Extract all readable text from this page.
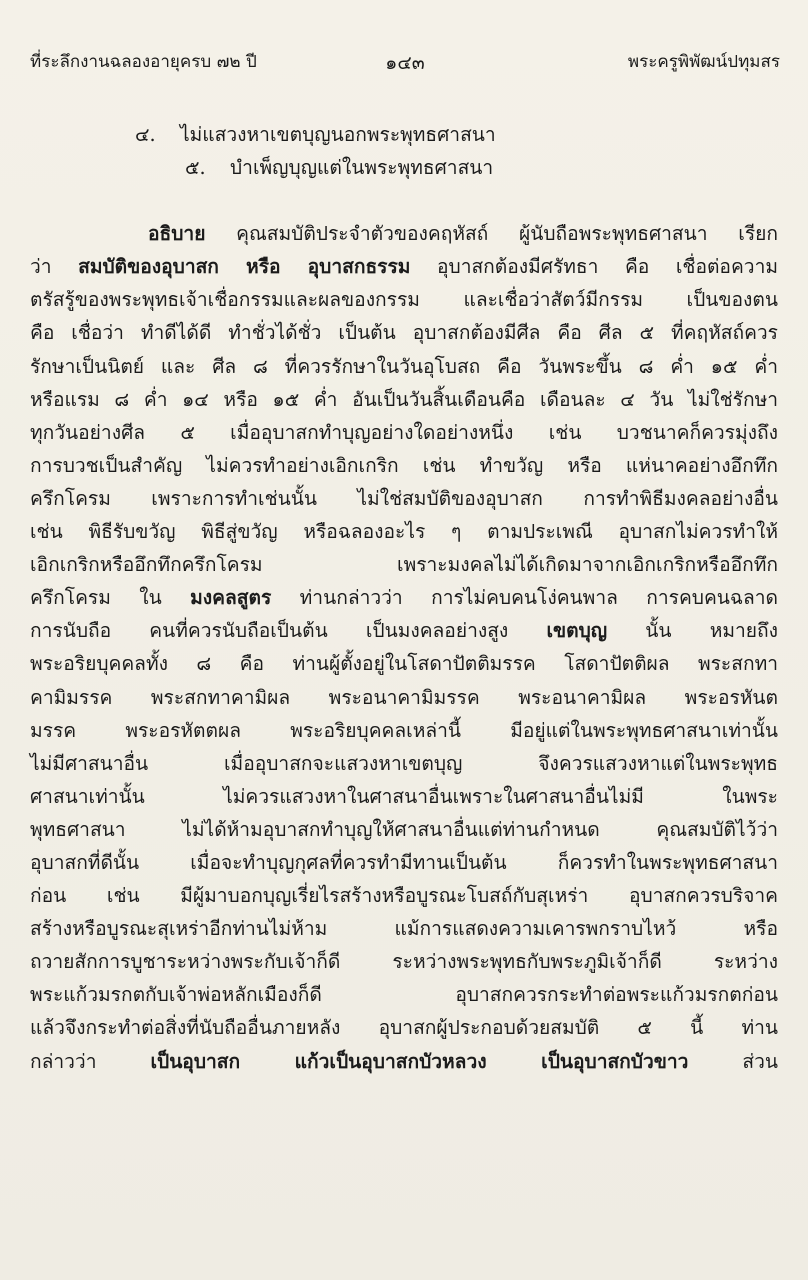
ที่ระลึกงานฉลองอายุครบ ๗๒ ปี	๑๔๓	พระครูพิพัฒน์ปทุมสร
๔. ไม่แสวงหาเขตบุญนอกพระพุทธศาสนา
๕. บำเพ็ญบุญแต่ในพระพุทธศาสนา
อธิบาย คุณสมบัติประจำตัวของคฤหัสถ์ ผู้นับถือพระพุทธศาสนา เรียก
ว่า สมบัติของอุบาสก หรือ อุบาสกธรรม อุบาสกต้องมีศรัทธา คือ เชื่อต่อความ
ตรัสรู้ของพระพุทธเจ้าเชื่อกรรมและผลของกรรม และเชื่อว่าสัตว์มีกรรม เป็นของตน
คือ เชื่อว่า ทำดีได้ดี ทำชั่วได้ชั่ว เป็นต้น อุบาสกต้องมีศีล คือ ศีล ๕ ที่คฤหัสถ์ควร
รักษาเป็นนิตย์ และ ศีล ๘ ที่ควรรักษาในวันอุโบสถ คือ วันพระขึ้น ๘ ค่ำ ๑๕ ค่ำ
หรือแรม ๘ ค่ำ ๑๔ หรือ ๑๕ ค่ำ อันเป็นวันสิ้นเดือนคือ เดือนละ ๔ วัน ไม่ใช่รักษา
ทุกวันอย่างศีล ๕ เมื่ออุบาสกทำบุญอย่างใดอย่างหนึ่ง เช่น บวชนาคก็ควรมุ่งถึง
การบวชเป็นสำคัญ ไม่ควรทำอย่างเอิกเกริก เช่น ทำขวัญ หรือ แห่นาคอย่างอึกทึก
ครึกโครม เพราะการทำเช่นนั้น ไม่ใช่สมบัติของอุบาสก การทำพิธีมงคลอย่างอื่น
เช่น พิธีรับขวัญ พิธีสู่ขวัญ หรือฉลองอะไร ๆ ตามประเพณี อุบาสกไม่ควรทำให้
เอิกเกริกหรืออึกทึกครึกโครม เพราะมงคลไม่ได้เกิดมาจากเอิกเกริกหรืออึกทึก
ครึกโครม ใน มงคลสูตร ท่านกล่าวว่า การไม่คบคนโง่คนพาล การคบคนฉลาด
การนับถือ คนที่ควรนับถือเป็นต้น เป็นมงคลอย่างสูง เขตบุญ นั้น หมายถึง
พระอริยบุคคลทั้ง ๘ คือ ท่านผู้ตั้งอยู่ในโสดาปัตติมรรค โสดาปัตติผล พระสกทา
คามิมรรค พระสกทาคามิผล พระอนาคามิมรรค พระอนาคามิผล พระอรหันต
มรรค พระอรหัตตผล พระอริยบุคคลเหล่านี้ มีอยู่แต่ในพระพุทธศาสนาเท่านั้น
ไม่มีศาสนาอื่น เมื่ออุบาสกจะแสวงหาเขตบุญ จึงควรแสวงหาแต่ในพระพุทธ
ศาสนาเท่านั้น ไม่ควรแสวงหาในศาสนาอื่นเพราะในศาสนาอื่นไม่มี ในพระ
พุทธศาสนา ไม่ได้ห้ามอุบาสกทำบุญให้ศาสนาอื่นแต่ท่านกำหนด คุณสมบัติไว้ว่า
อุบาสกที่ดีนั้น เมื่อจะทำบุญกุศลที่ควรทำมีทานเป็นต้น ก็ควรทำในพระพุทธศาสนา
ก่อน เช่น มีผู้มาบอกบุญเรี่ยไรสร้างหรือบูรณะโบสถ์กับสุเหร่า อุบาสกควรบริจาค
สร้างหรือบูรณะสุเหร่าอีกท่านไม่ห้าม แม้การแสดงความเคารพกราบไหว้ หรือ
ถวายสักการบูชาระหว่างพระกับเจ้าก็ดี ระหว่างพระพุทธกับพระภูมิเจ้าก็ดี ระหว่าง
พระแก้วมรกตกับเจ้าพ่อหลักเมืองก็ดี อุบาสกควรกระทำต่อพระแก้วมรกตก่อน
แล้วจึงกระทำต่อสิ่งที่นับถืออื่นภายหลัง อุบาสกผู้ประกอบด้วยสมบัติ ๕ นี้ ท่าน
กล่าวว่า เป็นอุบาสก แก้วเป็นอุบาสกบัวหลวง เป็นอุบาสกบัวขาว ส่วน
